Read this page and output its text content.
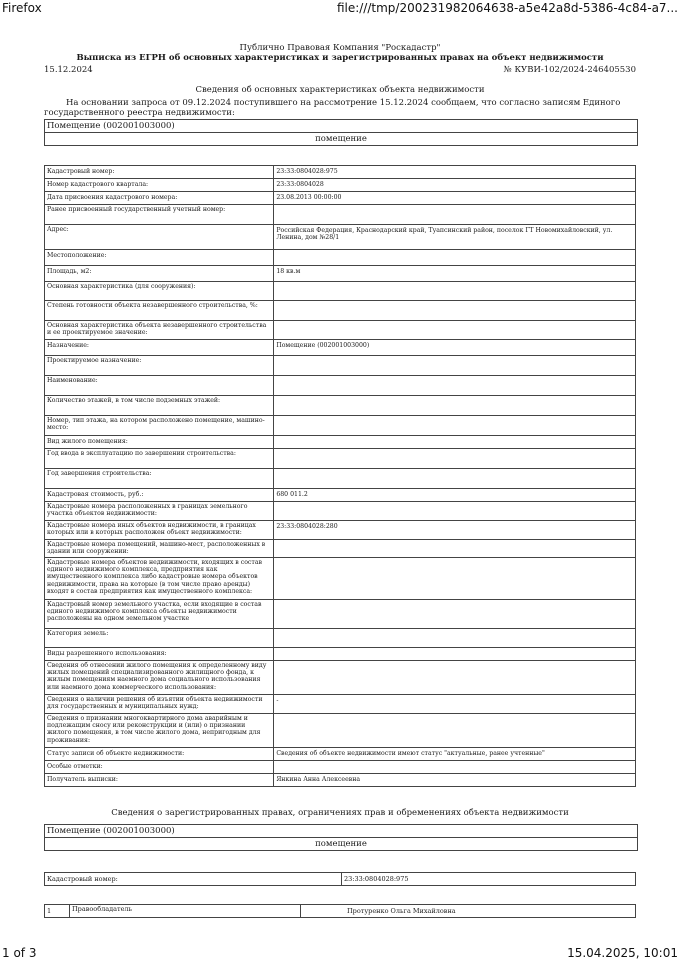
Firefox	file:///tmp/200231982064638-a5e42a8d-5386-4c84-a7...
Публично Правовая Компания "Роскадастр"
Выписка из ЕГРН об основных характеристиках и зарегистрированных правах на объект недвижимости
15.12.2024	№ КУВИ-102/2024-246405530
Сведения об основных характеристиках объекта недвижимости
На основании запроса от 09.12.2024 поступившего на рассмотрение 15.12.2024 сообщаем, что согласно записям Единого государственного реестра недвижимости:
Помещение (002001003000)
помещение
Кадастровый номер:	23:33:0804028:975
Номер кадастрового квартала:	23:33:0804028
Дата присвоения кадастрового номера:	23.08.2013 00:00:00
Ранее присвоенный государственный учетный номер:	
Адрес:	Российская Федерация, Краснодарский край, Туапсинский район, поселок ГТ Новомихайловский, ул. Ленина, дом №28/1
Местоположение:	
Площадь, м2:	18 кв.м
Основная характеристика (для сооружения):	
Степень готовности объекта незавершенного строительства, %:	
Основная характеристика объекта незавершенного строительства и ее проектируемое значение:	
Назначение:	Помещение (002001003000)
Проектируемое назначение:	
Наименование:	
Количество этажей, в том числе подземных этажей:	
Номер, тип этажа, на котором расположено помещение, машино-место:	
Вид жилого помещения:	
Год ввода в эксплуатацию по завершении строительства:	
Год завершения строительства:	
Кадастровая стоимость, руб.:	680 011.2
Кадастровые номера расположенных в границах земельного участка объектов недвижимости:	
Кадастровые номера иных объектов недвижимости, в границах которых или в которых расположен объект недвижимости:	23:33:0804028:280
Кадастровые номера помещений, машино-мест, расположенных в здании или сооружении:	
Кадастровые номера объектов недвижимости, входящих в состав единого недвижимого комплекса, предприятия как имущественного комплекса либо кадастровые номера объектов недвижимости, права на которые (в том числе право аренды) входят в состав предприятия как имущественного комплекса:	
Кадастровый номер земельного участка, если входящие в состав единого недвижимого комплекса объекты недвижимости расположены на одном земельном участке	
Категория земель:	
Виды разрешенного использования:	
Сведения об отнесении жилого помещения к определенному виду жилых помещений специализированного жилищного фонда, к жилым помещениям наемного дома социального использования или наемного дома коммерческого использования:	
Сведения о наличии решения об изъятии объекта недвижимости для государственных и муниципальных нужд:	-
Сведения о признании многоквартирного дома аварийным и подлежащим сносу или реконструкции и (или) о признании жилого помещения, в том числе жилого дома, непригодным для проживания:	
Статус записи об объекте недвижимости:	Сведения об объекте недвижимости имеют статус "актуальные, ранее учтенные"
Особые отметки:	
Получатель выписки:	Янкина Анна Алексеевна
Сведения о зарегистрированных правах, ограничениях прав и обременениях объекта недвижимости
Помещение (002001003000)
помещение
Кадастровый номер:	23:33:0804028:975
1	Правообладатель	Протуренко Ольга Михайловна
1 of 3	15.04.2025, 10:01
